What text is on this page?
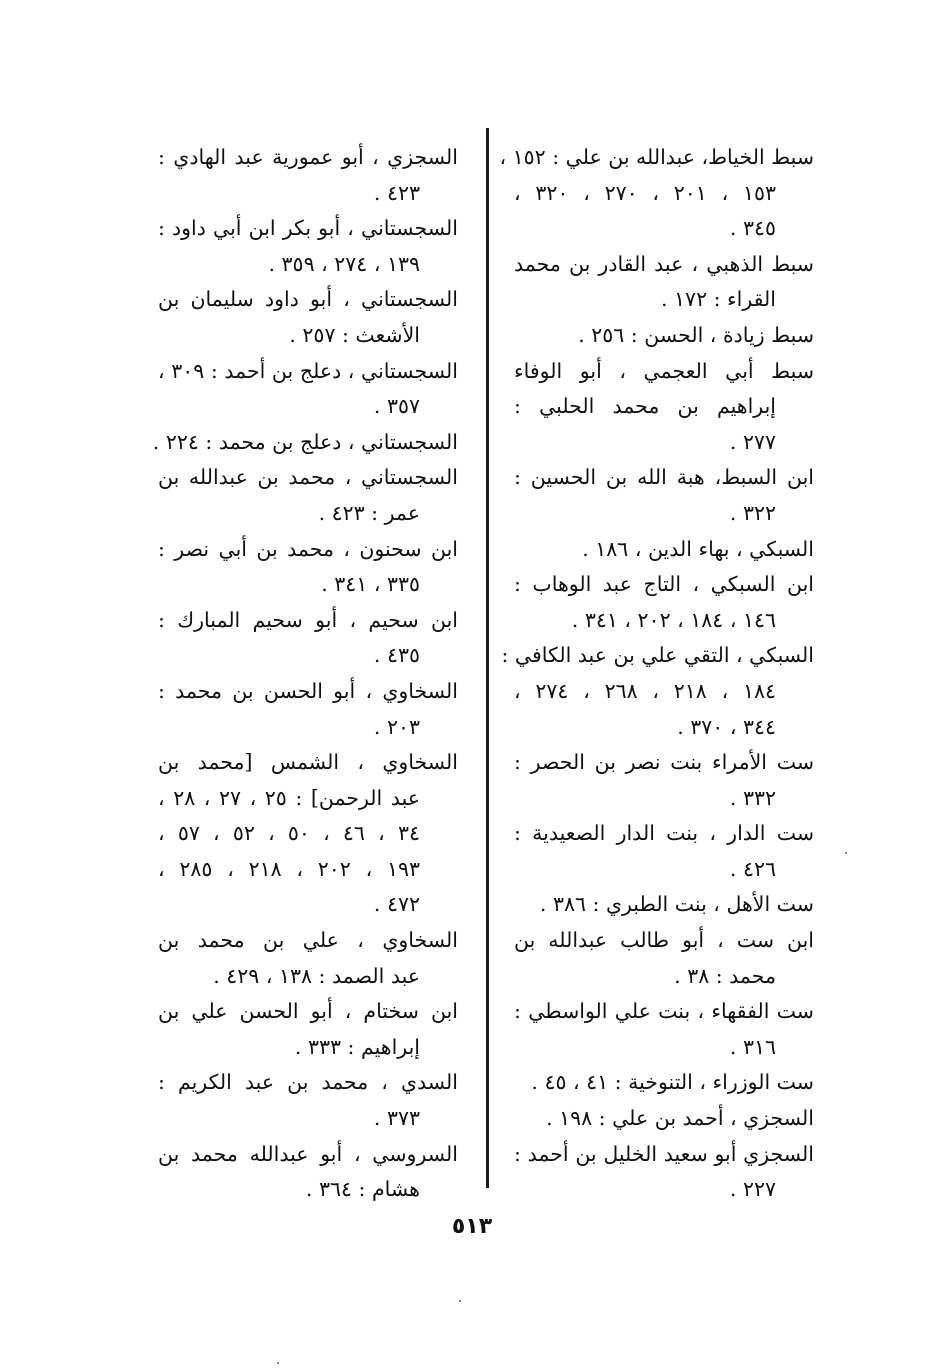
سبط الخياط، عبدالله بن علي : ١٥٢ ،
١٥٣ ، ٢٠١ ، ٢٧٠ ، ٣٢٠ ،
٣٤٥ .
سبط الذهبي ، عبد القادر بن محمد
القراء : ١٧٢ .
سبط زيادة ، الحسن : ٢٥٦ .
سبط أبي العجمي ، أبو الوفاء
إبراهيم بن محمد الحلبي :
٢٧٧ .
ابن السبط، هبة الله بن الحسين :
٣٢٢ .
السبكي ، بهاء الدين ، ١٨٦ .
ابن السبكي ، التاج عبد الوهاب :
١٤٦ ، ١٨٤ ، ٢٠٢ ، ٣٤١ .
السبكي ، التقي علي بن عبد الكافي :
١٨٤ ، ٢١٨ ، ٢٦٨ ، ٢٧٤ ،
٣٤٤ ، ٣٧٠ .
ست الأمراء بنت نصر بن الحصر :
٣٣٢ .
ست الدار ، بنت الدار الصعيدية :
٤٢٦ .
ست الأهل ، بنت الطبري : ٣٨٦ .
ابن ست ، أبو طالب عبدالله بن
محمد : ٣٨ .
ست الفقهاء ، بنت علي الواسطي :
٣١٦ .
ست الوزراء ، التنوخية : ٤١ ، ٤٥ .
السجزي ، أحمد بن علي : ١٩٨ .
السجزي أبو سعيد الخليل بن أحمد :
٢٢٧ .
السجزي ، أبو عمورية عبد الهادي :
٤٢٣ .
السجستاني ، أبو بكر ابن أبي داود :
١٣٩ ، ٢٧٤ ، ٣٥٩ .
السجستاني ، أبو داود سليمان بن
الأشعث : ٢٥٧ .
السجستاني ، دعلج بن أحمد : ٣٠٩ ،
٣٥٧ .
السجستاني ، دعلج بن محمد : ٢٢٤ .
السجستاني ، محمد بن عبدالله بن
عمر : ٤٢٣ .
ابن سحنون ، محمد بن أبي نصر :
٣٣٥ ، ٣٤١ .
ابن سحيم ، أبو سحيم المبارك :
٤٣٥ .
السخاوي ، أبو الحسن بن محمد :
٢٠٣ .
السخاوي ، الشمس [محمد بن
عبد الرحمن] : ٢٥ ، ٢٧ ، ٢٨ ،
٣٤ ، ٤٦ ، ٥٠ ، ٥٢ ، ٥٧ ،
١٩٣ ، ٢٠٢ ، ٢١٨ ، ٢٨٥ ،
٤٧٢ .
السخاوي ، علي بن محمد بن
عبد الصمد : ١٣٨ ، ٤٢٩ .
ابن سختام ، أبو الحسن علي بن
إبراهيم : ٣٣٣ .
السدي ، محمد بن عبد الكريم :
٣٧٣ .
السروسي ، أبو عبدالله محمد بن
هشام : ٣٦٤ .
٥١٣
